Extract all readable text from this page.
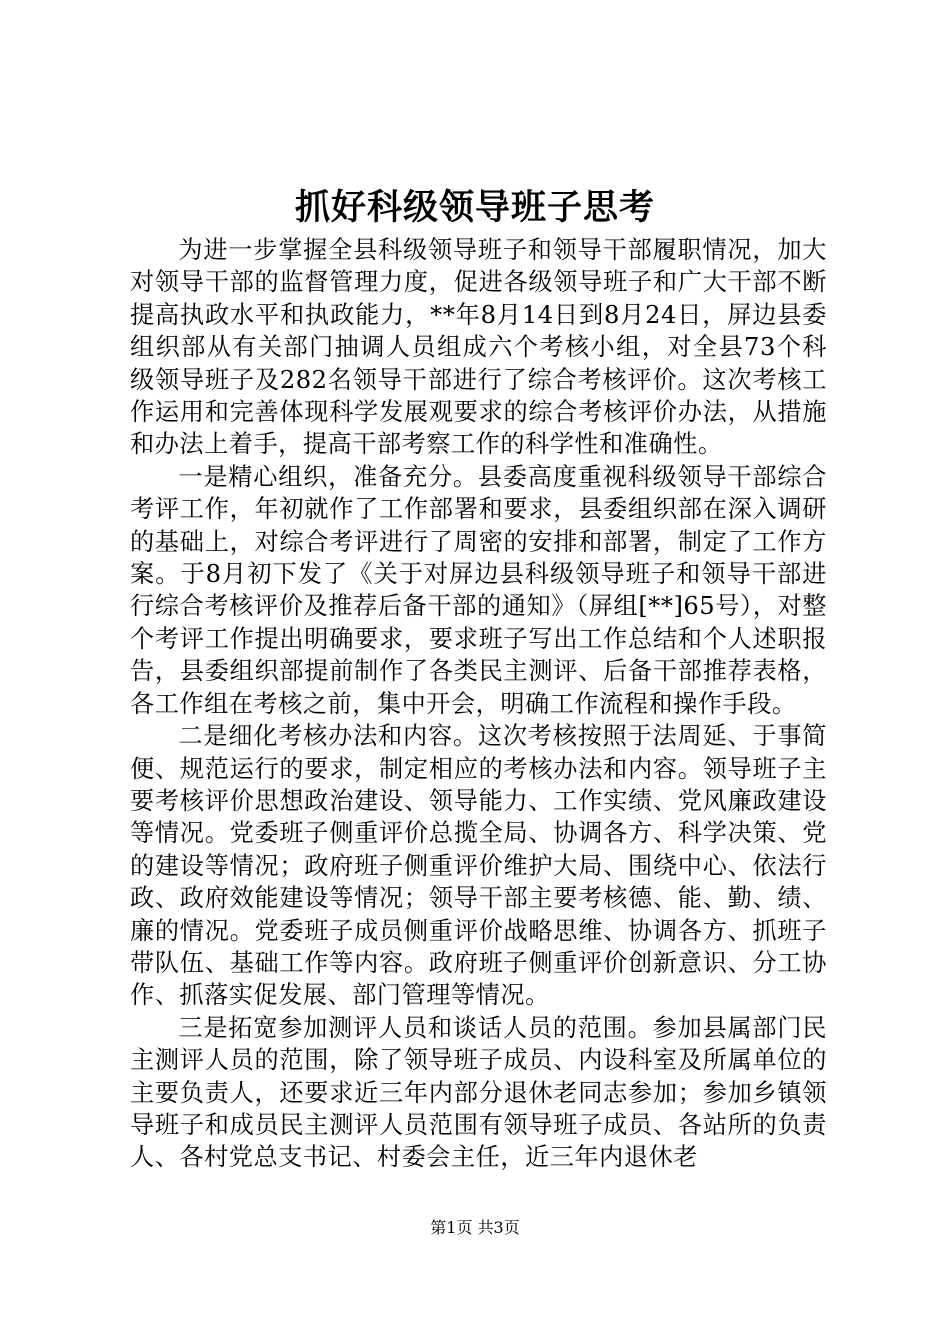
抓好科级领导班子思考

为进一步掌握全县科级领导班子和领导干部履职情况，加大对领导干部的监督管理力度，促进各级领导班子和广大干部不断提高执政水平和执政能力，**年8月14日到8月24日，屏边县委组织部从有关部门抽调人员组成六个考核小组，对全县73个科级领导班子及282名领导干部进行了综合考核评价。这次考核工作运用和完善体现科学发展观要求的综合考核评价办法，从措施和办法上着手，提高干部考察工作的科学性和准确性。

一是精心组织，准备充分。县委高度重视科级领导干部综合考评工作，年初就作了工作部署和要求，县委组织部在深入调研的基础上，对综合考评进行了周密的安排和部署，制定了工作方案。于8月初下发了《关于对屏边县科级领导班子和领导干部进行综合考核评价及推荐后备干部的通知》（屏组[**]65号），对整个考评工作提出明确要求，要求班子写出工作总结和个人述职报告，县委组织部提前制作了各类民主测评、后备干部推荐表格，各工作组在考核之前，集中开会，明确工作流程和操作手段。

二是细化考核办法和内容。这次考核按照于法周延、于事简便、规范运行的要求，制定相应的考核办法和内容。领导班子主要考核评价思想政治建设、领导能力、工作实绩、党风廉政建设等情况。党委班子侧重评价总揽全局、协调各方、科学决策、党的建设等情况；政府班子侧重评价维护大局、围绕中心、依法行政、政府效能建设等情况；领导干部主要考核德、能、勤、绩、廉的情况。党委班子成员侧重评价战略思维、协调各方、抓班子带队伍、基础工作等内容。政府班子侧重评价创新意识、分工协作、抓落实促发展、部门管理等情况。

三是拓宽参加测评人员和谈话人员的范围。参加县属部门民主测评人员的范围，除了领导班子成员、内设科室及所属单位的主要负责人，还要求近三年内部分退休老同志参加；参加乡镇领导班子和成员民主测评人员范围有领导班子成员、各站所的负责人、各村党总支书记、村委会主任，近三年内退休老

第1页 共3页
